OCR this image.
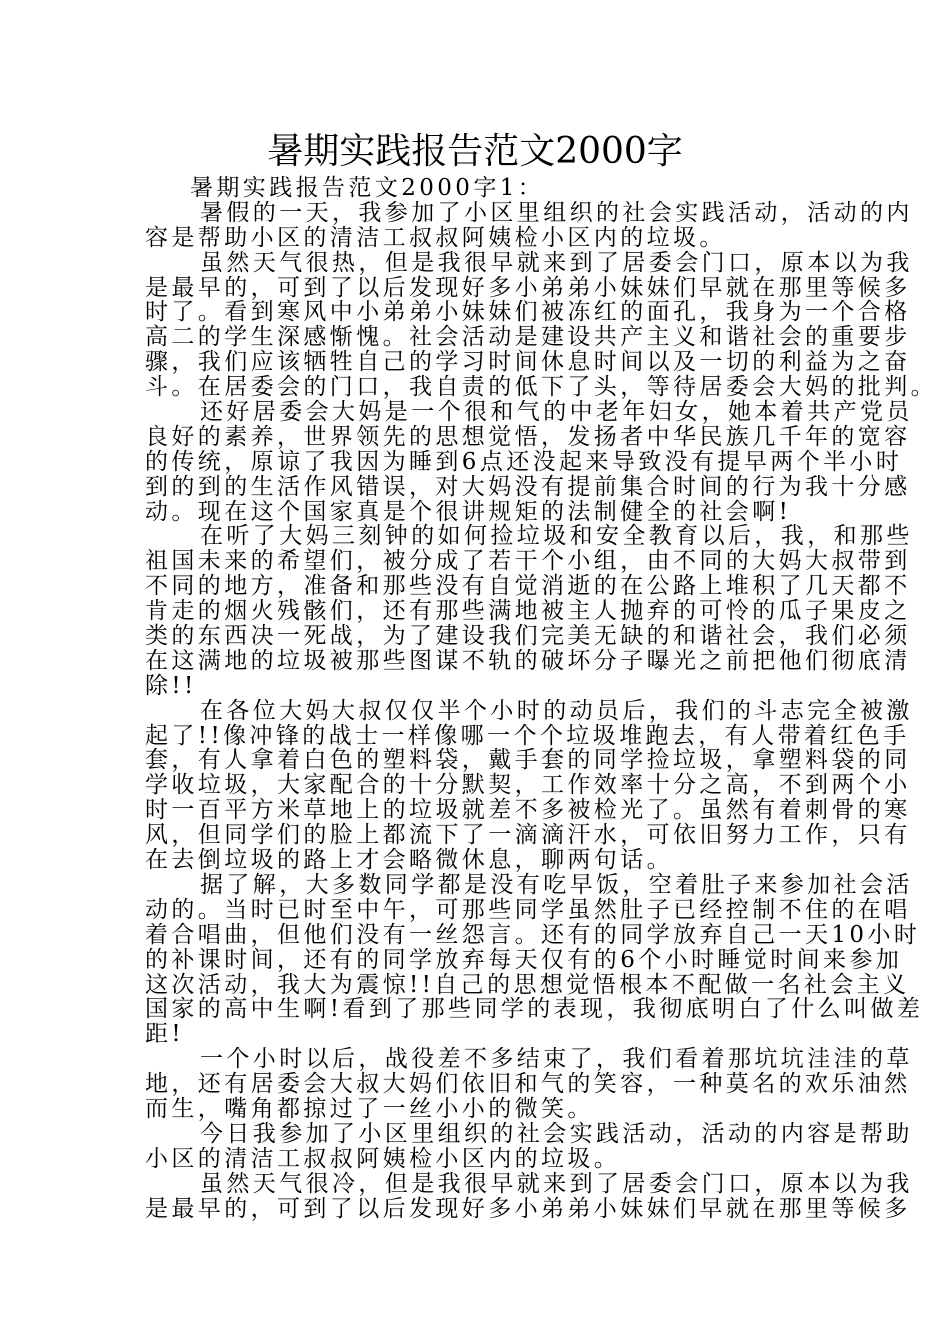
暑期实践报告范文2000字
暑期实践报告范文2000字1：
暑假的一天，我参加了小区里组织的社会实践活动，活动的内
容是帮助小区的清洁工叔叔阿姨检小区内的垃圾。
虽然天气很热，但是我很早就来到了居委会门口，原本以为我
是最早的，可到了以后发现好多小弟弟小妹妹们早就在那里等候多
时了。看到寒风中小弟弟小妹妹们被冻红的面孔，我身为一个合格
高二的学生深感惭愧。社会活动是建设共产主义和谐社会的重要步
骤，我们应该牺牲自己的学习时间休息时间以及一切的利益为之奋
斗。在居委会的门口，我自责的低下了头，等待居委会大妈的批判。
还好居委会大妈是一个很和气的中老年妇女，她本着共产党员
良好的素养，世界领先的思想觉悟，发扬者中华民族几千年的宽容
的传统，原谅了我因为睡到6点还没起来导致没有提早两个半小时
到的到的生活作风错误，对大妈没有提前集合时间的行为我十分感
动。现在这个国家真是个很讲规矩的法制健全的社会啊!
在听了大妈三刻钟的如何捡垃圾和安全教育以后，我，和那些
祖国未来的希望们，被分成了若干个小组，由不同的大妈大叔带到
不同的地方，准备和那些没有自觉消逝的在公路上堆积了几天都不
肯走的烟火残骸们，还有那些满地被主人抛弃的可怜的瓜子果皮之
类的东西决一死战，为了建设我们完美无缺的和谐社会，我们必须
在这满地的垃圾被那些图谋不轨的破坏分子曝光之前把他们彻底清
除!!
在各位大妈大叔仅仅半个小时的动员后，我们的斗志完全被激
起了!!像冲锋的战士一样像哪一个个垃圾堆跑去，有人带着红色手
套，有人拿着白色的塑料袋，戴手套的同学捡垃圾，拿塑料袋的同
学收垃圾，大家配合的十分默契，工作效率十分之高，不到两个小
时一百平方米草地上的垃圾就差不多被检光了。虽然有着刺骨的寒
风，但同学们的脸上都流下了一滴滴汗水，可依旧努力工作，只有
在去倒垃圾的路上才会略微休息，聊两句话。
据了解，大多数同学都是没有吃早饭，空着肚子来参加社会活
动的。当时已时至中午，可那些同学虽然肚子已经控制不住的在唱
着合唱曲，但他们没有一丝怨言。还有的同学放弃自己一天10小时
的补课时间，还有的同学放弃每天仅有的6个小时睡觉时间来参加
这次活动，我大为震惊!!自己的思想觉悟根本不配做一名社会主义
国家的高中生啊!看到了那些同学的表现，我彻底明白了什么叫做差
距!
一个小时以后，战役差不多结束了，我们看着那坑坑洼洼的草
地，还有居委会大叔大妈们依旧和气的笑容，一种莫名的欢乐油然
而生，嘴角都掠过了一丝小小的微笑。
今日我参加了小区里组织的社会实践活动，活动的内容是帮助
小区的清洁工叔叔阿姨检小区内的垃圾。
虽然天气很冷，但是我很早就来到了居委会门口，原本以为我
是最早的，可到了以后发现好多小弟弟小妹妹们早就在那里等候多
